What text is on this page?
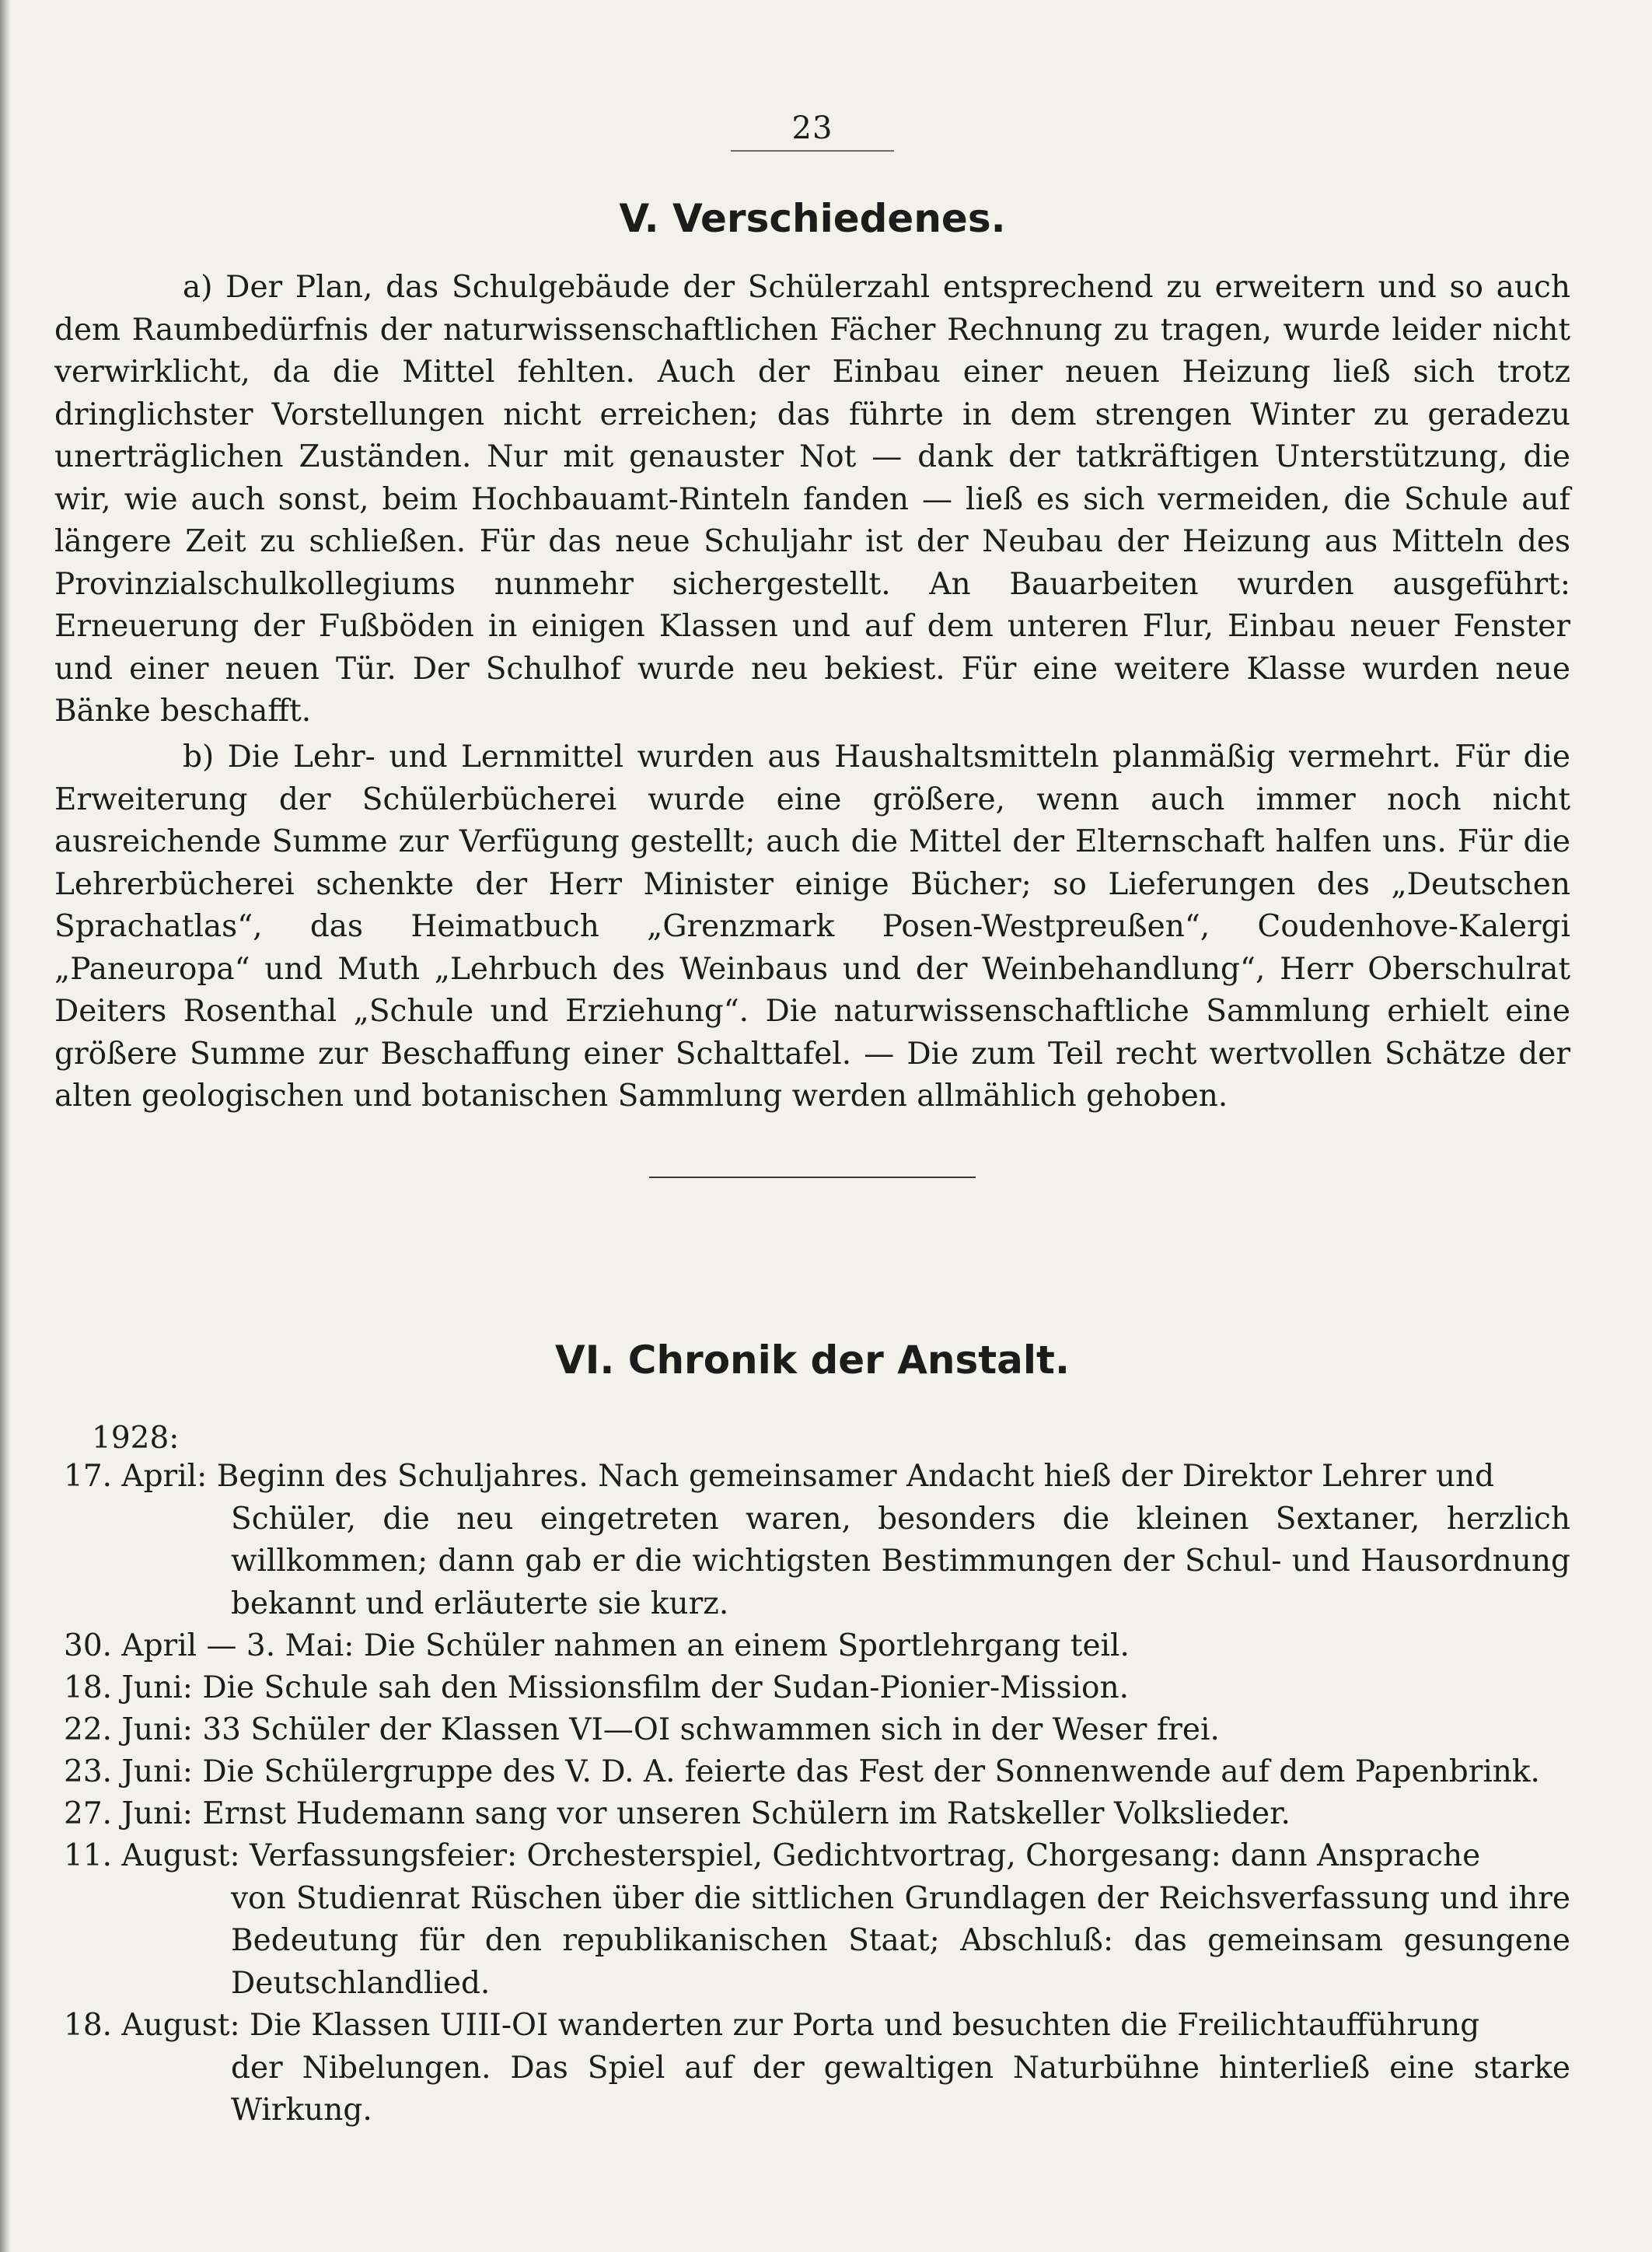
23
V. Verschiedenes.

a) Der Plan, das Schulgebäude der Schülerzahl entsprechend zu erweitern und so auch dem Raumbedürfnis der naturwissenschaftlichen Fächer Rechnung zu tragen, wurde leider nicht verwirklicht, da die Mittel fehlten. Auch der Einbau einer neuen Heizung ließ sich trotz dringlichster Vorstellungen nicht erreichen; das führte in dem strengen Winter zu geradezu unerträglichen Zuständen. Nur mit genauster Not — dank der tatkräftigen Unterstützung, die wir, wie auch sonst, beim Hochbauamt-Rinteln fanden — ließ es sich vermeiden, die Schule auf längere Zeit zu schließen. Für das neue Schuljahr ist der Neubau der Heizung aus Mitteln des Provinzialschulkollegiums nunmehr sichergestellt. An Bauarbeiten wurden ausgeführt: Erneuerung der Fußböden in einigen Klassen und auf dem unteren Flur, Einbau neuer Fenster und einer neuen Tür. Der Schulhof wurde neu bekiest. Für eine weitere Klasse wurden neue Bänke beschafft.

b) Die Lehr- und Lernmittel wurden aus Haushaltsmitteln planmäßig vermehrt. Für die Erweiterung der Schülerbücherei wurde eine größere, wenn auch immer noch nicht ausreichende Summe zur Verfügung gestellt; auch die Mittel der Elternschaft halfen uns. Für die Lehrerbücherei schenkte der Herr Minister einige Bücher; so Lieferungen des „Deutschen Sprachatlas“, das Heimatbuch „Grenzmark Posen-Westpreußen“, Coudenhove-Kalergi „Paneuropa“ und Muth „Lehrbuch des Weinbaus und der Weinbehandlung“, Herr Oberschulrat Deiters Rosenthal „Schule und Erziehung“. Die naturwissenschaftliche Sammlung erhielt eine größere Summe zur Beschaffung einer Schalttafel. — Die zum Teil recht wertvollen Schätze der alten geologischen und botanischen Sammlung werden allmählich gehoben.

VI. Chronik der Anstalt.
1928:
17. April: Beginn des Schuljahres. Nach gemeinsamer Andacht hieß der Direktor Lehrer und
Schüler, die neu eingetreten waren, besonders die kleinen Sextaner, herzlich willkommen; dann gab er die wichtigsten Bestimmungen der Schul- und Hausordnung bekannt und erläuterte sie kurz.
30. April — 3. Mai: Die Schüler nahmen an einem Sportlehrgang teil.
18. Juni: Die Schule sah den Missionsfilm der Sudan-Pionier-Mission.
22. Juni: 33 Schüler der Klassen VI—OI schwammen sich in der Weser frei.
23. Juni: Die Schülergruppe des V. D. A. feierte das Fest der Sonnenwende auf dem Papenbrink.
27. Juni: Ernst Hudemann sang vor unseren Schülern im Ratskeller Volkslieder.
11. August: Verfassungsfeier: Orchesterspiel, Gedichtvortrag, Chorgesang: dann Ansprache
von Studienrat Rüschen über die sittlichen Grundlagen der Reichsverfassung und ihre Bedeutung für den republikanischen Staat; Abschluß: das gemeinsam gesungene Deutschlandlied.
18. August: Die Klassen UIII-OI wanderten zur Porta und besuchten die Freilichtaufführung
der Nibelungen. Das Spiel auf der gewaltigen Naturbühne hinterließ eine starke Wirkung.
